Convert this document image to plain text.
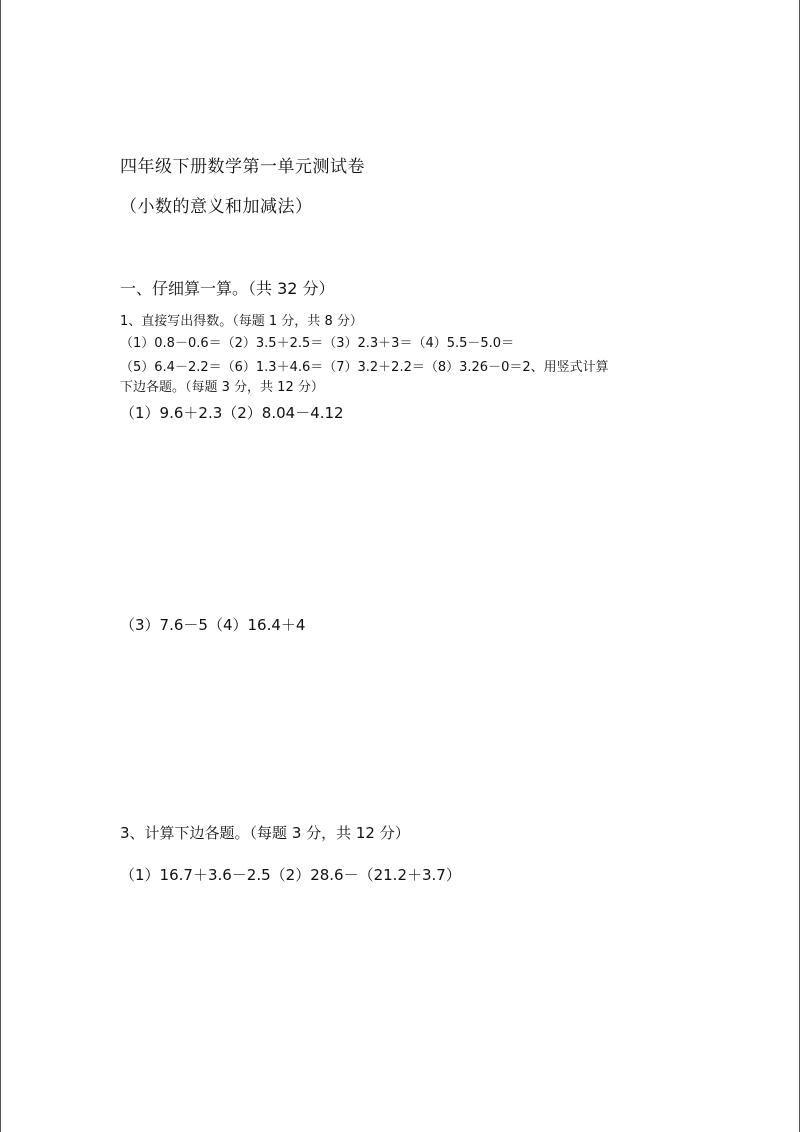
四年级下册数学第一单元测试卷
（小数的意义和加减法）
一、仔细算一算。（共 32 分）
1、直接写出得数。（每题 1 分，共 8 分）
（1）0.8－0.6＝（2）3.5＋2.5＝（3）2.3＋3＝（4）5.5－5.0＝
（5）6.4－2.2＝（6）1.3＋4.6＝（7）3.2＋2.2＝（8）3.26－0＝2、用竖式计算
下边各题。（每题 3 分，共 12 分）
（1）9.6＋2.3（2）8.04－4.12
（3）7.6－5（4）16.4＋4
3、计算下边各题。（每题 3 分，共 12 分）
（1）16.7＋3.6－2.5（2）28.6－（21.2＋3.7）
